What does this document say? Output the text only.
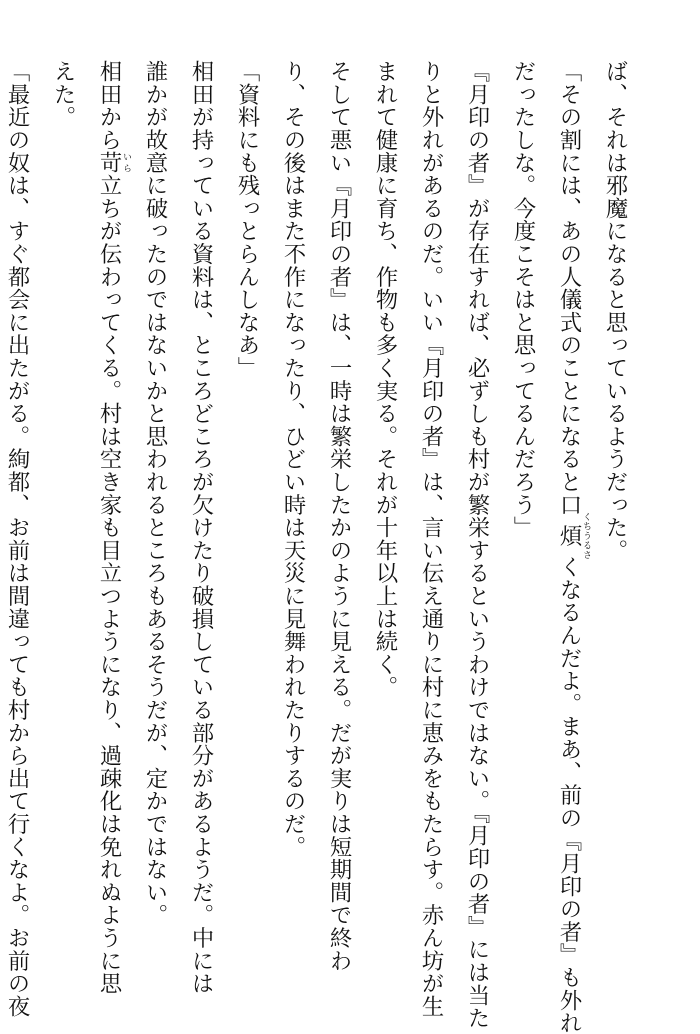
ば、それは邪魔になると思っているようだった。
「その割には、あの人儀式のことになると口煩 くちうるさくなるんだよ。まあ、前の『月印の者』も外れ
だったしな。今度こそはと思ってるんだろう」
『月印の者』が存在すれば、必ずしも村が繁栄するというわけではない。『月印の者』には当た
りと外れがあるのだ。いい『月印の者』は、言い伝え通りに村に恵みをもたらす。赤ん坊が生
まれて健康に育ち、作物も多く実る。それが十年以上は続く。
そして悪い『月印の者』は、一時は繁栄したかのように見える。だが実りは短期間で終わ
り、その後はまた不作になったり、ひどい時は天災に見舞われたりするのだ。
「資料にも残っとらんしなあ」
相田が持っている資料は、ところどころが欠けたり破損している部分があるようだ。中には
誰かが故意に破ったのではないかと思われるところもあるそうだが、定かではない。
相田から苛 いら立ちが伝わってくる。村は空き家も目立つようになり、過疎化は免れぬように思
えた。
「最近の奴は、すぐ都会に出たがる。絢都、お前は間違っても村から出て行くなよ。お前の夜
